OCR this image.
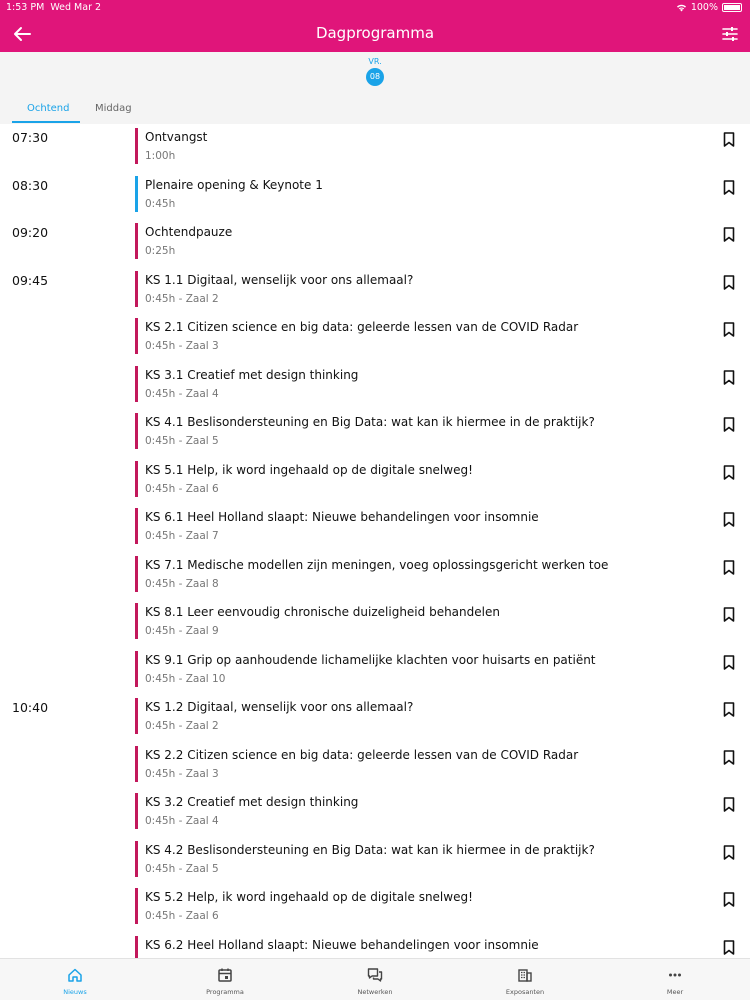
1:53 PM Wed Mar 2	100%
Dagprogramma
VR.
08
Ochtend	Middag
07:30	Ontvangst
1:00h
08:30	Plenaire opening & Keynote 1
0:45h
09:20	Ochtendpauze
0:25h
09:45	KS 1.1 Digitaal, wenselijk voor ons allemaal?
0:45h - Zaal 2
KS 2.1 Citizen science en big data: geleerde lessen van de COVID Radar
0:45h - Zaal 3
KS 3.1 Creatief met design thinking
0:45h - Zaal 4
KS 4.1 Beslisondersteuning en Big Data: wat kan ik hiermee in de praktijk?
0:45h - Zaal 5
KS 5.1 Help, ik word ingehaald op de digitale snelweg!
0:45h - Zaal 6
KS 6.1 Heel Holland slaapt: Nieuwe behandelingen voor insomnie
0:45h - Zaal 7
KS 7.1 Medische modellen zijn meningen, voeg oplossingsgericht werken toe
0:45h - Zaal 8
KS 8.1 Leer eenvoudig chronische duizeligheid behandelen
0:45h - Zaal 9
KS 9.1 Grip op aanhoudende lichamelijke klachten voor huisarts en patiënt
0:45h - Zaal 10
10:40	KS 1.2 Digitaal, wenselijk voor ons allemaal?
0:45h - Zaal 2
KS 2.2 Citizen science en big data: geleerde lessen van de COVID Radar
0:45h - Zaal 3
KS 3.2 Creatief met design thinking
0:45h - Zaal 4
KS 4.2 Beslisondersteuning en Big Data: wat kan ik hiermee in de praktijk?
0:45h - Zaal 5
KS 5.2 Help, ik word ingehaald op de digitale snelweg!
0:45h - Zaal 6
KS 6.2 Heel Holland slaapt: Nieuwe behandelingen voor insomnie
Nieuws	Programma	Netwerken	Exposanten	Meer
